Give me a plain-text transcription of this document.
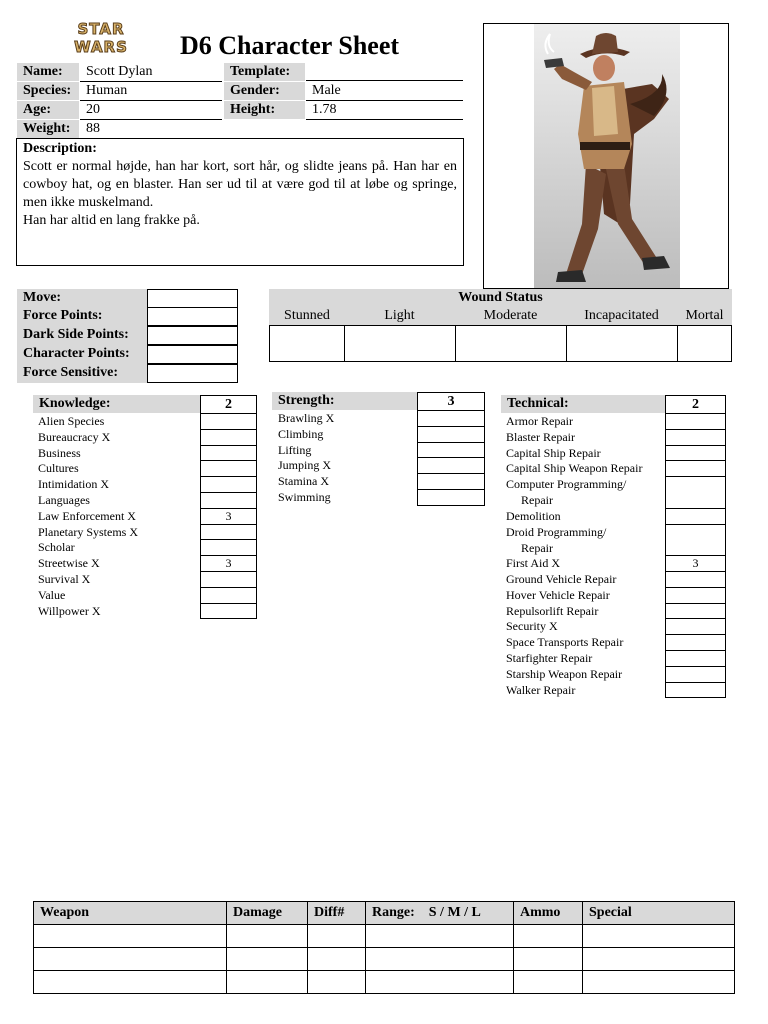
STAR
WARS D6 Character Sheet
Name:	Scott Dylan	Template:
Species:	Human	Gender:	Male
Age:	20	Height:	1.78
Weight:	88
Description:
Scott er normal højde, han har kort, sort hår, og slidte jeans på. Han har en cowboy hat, og en blaster. Han ser ud til at være god til at løbe og springe, men ikke muskelmand.
Han har altid en lang frakke på.
Move:
Force Points:
Dark Side Points:
Character Points:
Force Sensitive:
Wound Status
Stunned	Light	Moderate	Incapacitated	Mortal
Knowledge:	2
Alien Species
Bureaucracy X
Business
Cultures
Intimidation X
Languages
Law Enforcement X	3
Planetary Systems X
Scholar
Streetwise X	3
Survival X
Value
Willpower X
Strength:	3
Brawling X
Climbing
Lifting
Jumping X
Stamina X
Swimming
Technical:	2
Armor Repair
Blaster Repair
Capital Ship Repair
Capital Ship Weapon Repair
Computer Programming/
Repair
Demolition
Droid Programming/
Repair
First Aid X	3
Ground Vehicle Repair
Hover Vehicle Repair
Repulsorlift Repair
Security X
Space Transports Repair
Starfighter Repair
Starship Weapon Repair
Walker Repair
Weapon	Damage	Diff#	Range:    S / M / L	Ammo	Special
